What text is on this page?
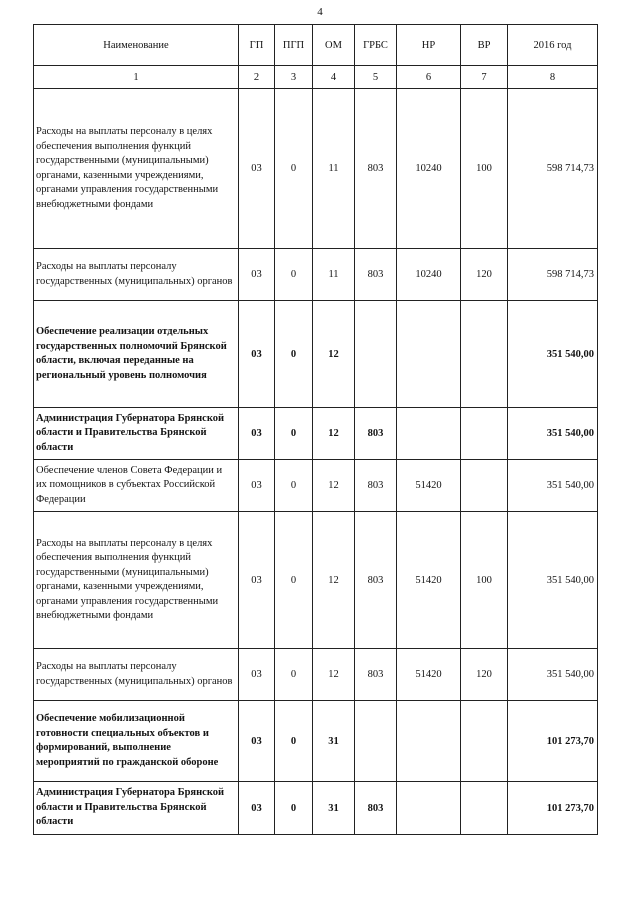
4
Наименование	ГП	ПГП	ОМ	ГРБС	НР	ВР	2016 год
1	2	3	4	5	6	7	8
Расходы на выплаты персоналу в целях обеспечения выполнения функций государственными (муниципальными) органами, казенными учреждениями, органами управления государственными внебюджетными фондами	03	0	11	803	10240	100	598 714,73
Расходы на выплаты персоналу государственных (муниципальных) органов	03	0	11	803	10240	120	598 714,73
Обеспечение реализации отдельных государственных полномочий Брянской области, включая переданные на региональный уровень полномочия	03	0	12				351 540,00
Администрация Губернатора Брянской области и Правительства Брянской области	03	0	12	803			351 540,00
Обеспечение членов Совета Федерации и их помощников в субъектах Российской Федерации	03	0	12	803	51420		351 540,00
Расходы на выплаты персоналу в целях обеспечения выполнения функций государственными (муниципальными) органами, казенными учреждениями, органами управления государственными внебюджетными фондами	03	0	12	803	51420	100	351 540,00
Расходы на выплаты персоналу государственных (муниципальных) органов	03	0	12	803	51420	120	351 540,00
Обеспечение мобилизационной готовности специальных объектов и формирований, выполнение мероприятий по гражданской обороне	03	0	31				101 273,70
Администрация Губернатора Брянской области и Правительства Брянской области	03	0	31	803			101 273,70
